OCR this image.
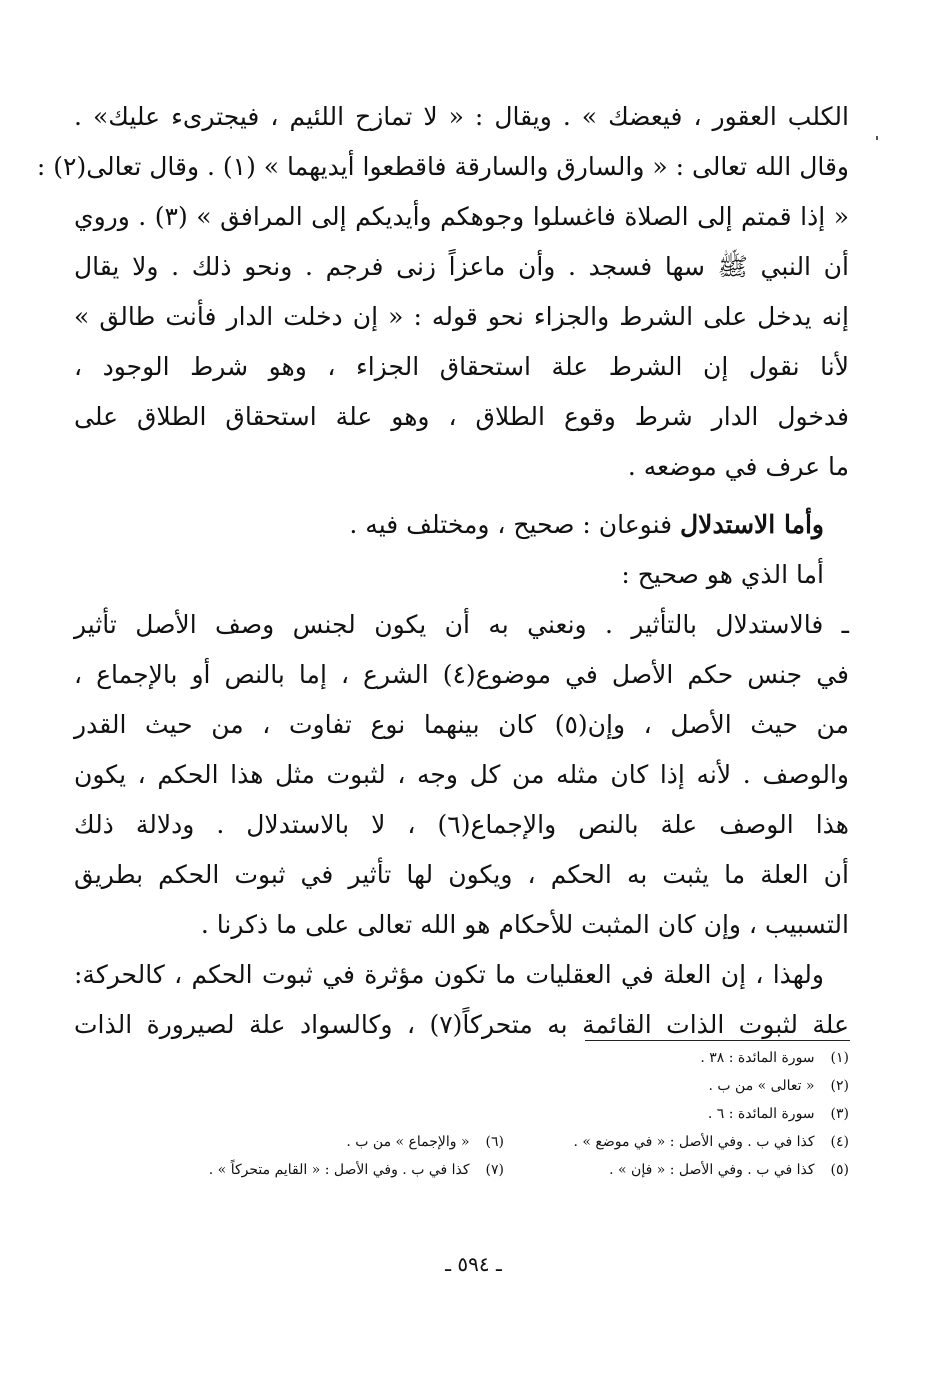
الكلب العقور ، فيعضك » . ويقال : « لا تمازح اللئيم ، فيجترىء عليك» .
وقال الله تعالى : « والسارق والسارقة فاقطعوا أيديهما » (١) . وقال تعالى(٢) :
« إذا قمتم إلى الصلاة فاغسلوا وجوهكم وأيديكم إلى المرافق » (٣) . وروي
أن النبي ﷺ سها فسجد . وأن ماعزاً زنى فرجم . ونحو ذلك . ولا يقال
إنه يدخل على الشرط والجزاء نحو قوله : « إن دخلت الدار فأنت طالق »
لأنا نقول إن الشرط علة استحقاق الجزاء ، وهو شرط الوجود ،
فدخول الدار شرط وقوع الطلاق ، وهو علة استحقاق الطلاق على
ما عرف في موضعه .
 وأما الاستدلال فنوعان : صحيح ، ومختلف فيه .
 أما الذي هو صحيح :
ـ فالاستدلال بالتأثير . ونعني به أن يكون لجنس وصف الأصل تأثير
في جنس حكم الأصل في موضوع(٤) الشرع ، إما بالنص أو بالإجماع ،
من حيث الأصل ، وإن(٥) كان بينهما نوع تفاوت ، من حيث القدر
والوصف . لأنه إذا كان مثله من كل وجه ، لثبوت مثل هذا الحكم ، يكون
هذا الوصف علة بالنص والإجماع(٦) ، لا بالاستدلال . ودلالة ذلك
أن العلة ما يثبت به الحكم ، ويكون لها تأثير في ثبوت الحكم بطريق
التسبيب ، وإن كان المثبت للأحكام هو الله تعالى على ما ذكرنا .
 ولهذا ، إن العلة في العقليات ما تكون مؤثرة في ثبوت الحكم ، كالحركة:
علة لثبوت الذات القائمة به متحركاً(٧) ، وكالسواد علة لصيرورة الذات
(١) سورة المائدة : ٣٨ .
(٢) « تعالى » من ب .
(٣) سورة المائدة : ٦ .
(٤) كذا في ب . وفي الأصل : « في موضع » .
(٦) « والإجماع » من ب .
(٥) كذا في ب . وفي الأصل : « فإن » .
(٧) كذا في ب . وفي الأصل : « القايم متحركاً » .
ـ ٥٩٤ ـ
